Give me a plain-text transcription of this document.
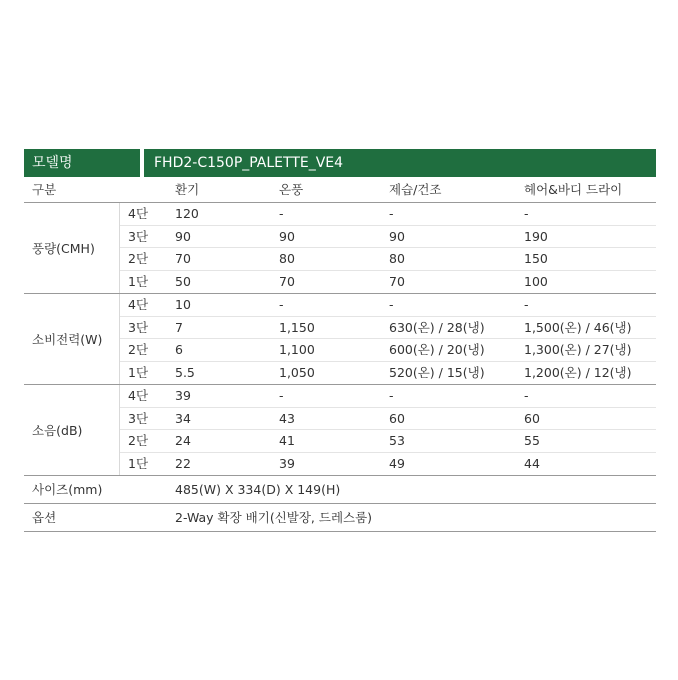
모델명	FHD2-C150P_PALETTE_VE4
구분	환기	온풍	제습/건조	헤어&바디 드라이
풍량(CMH)
4단	120	-	-	-
3단	90	90	90	190
2단	70	80	80	150
1단	50	70	70	100
소비전력(W)
4단	10	-	-	-
3단	7	1,150	630(온) / 28(냉)	1,500(온) / 46(냉)
2단	6	1,100	600(온) / 20(냉)	1,300(온) / 27(냉)
1단	5.5	1,050	520(온) / 15(냉)	1,200(온) / 12(냉)
소음(dB)
4단	39	-	-	-
3단	34	43	60	60
2단	24	41	53	55
1단	22	39	49	44
사이즈(mm)	485(W) X 334(D) X 149(H)
옵션	2-Way 확장 배기(신발장, 드레스룸)
